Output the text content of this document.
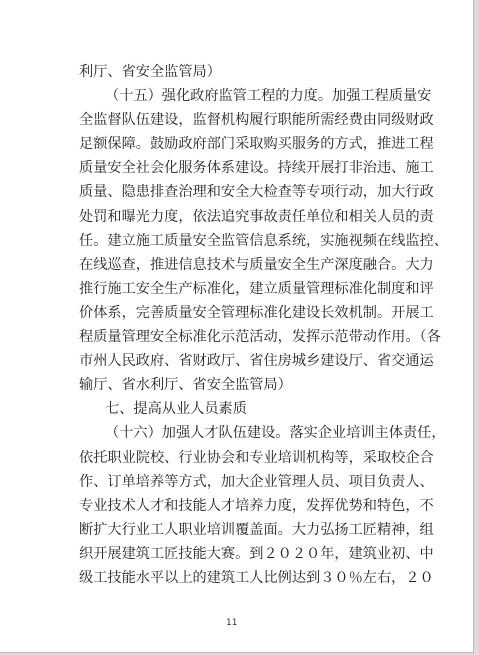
利厅、省安全监管局）
（十五）强化政府监管工程的力度。加强工程质量安
全监督队伍建设，监督机构履行职能所需经费由同级财政
足额保障。鼓励政府部门采取购买服务的方式，推进工程
质量安全社会化服务体系建设。持续开展打非治违、施工
质量、隐患排查治理和安全大检查等专项行动，加大行政
处罚和曝光力度，依法追究事故责任单位和相关人员的责
任。建立施工质量安全监管信息系统，实施视频在线监控、
在线巡查，推进信息技术与质量安全生产深度融合。大力
推行施工安全生产标准化，建立质量管理标准化制度和评
价体系，完善质量安全管理标准化建设长效机制。开展工
程质量管理安全标准化示范活动，发挥示范带动作用。（各
市州人民政府、省财政厅、省住房城乡建设厅、省交通运
输厅、省水利厅、省安全监管局）
七、提高从业人员素质
（十六）加强人才队伍建设。落实企业培训主体责任，
依托职业院校、行业协会和专业培训机构等，采取校企合
作、订单培养等方式，加大企业管理人员、项目负责人、
专业技术人才和技能人才培养力度，发挥优势和特色，不
断扩大行业工人职业培训覆盖面。大力弘扬工匠精神，组
织开展建筑工匠技能大赛。到２０２０年，建筑业初、中
级工技能水平以上的建筑工人比例达到３０％左右，２０
11
